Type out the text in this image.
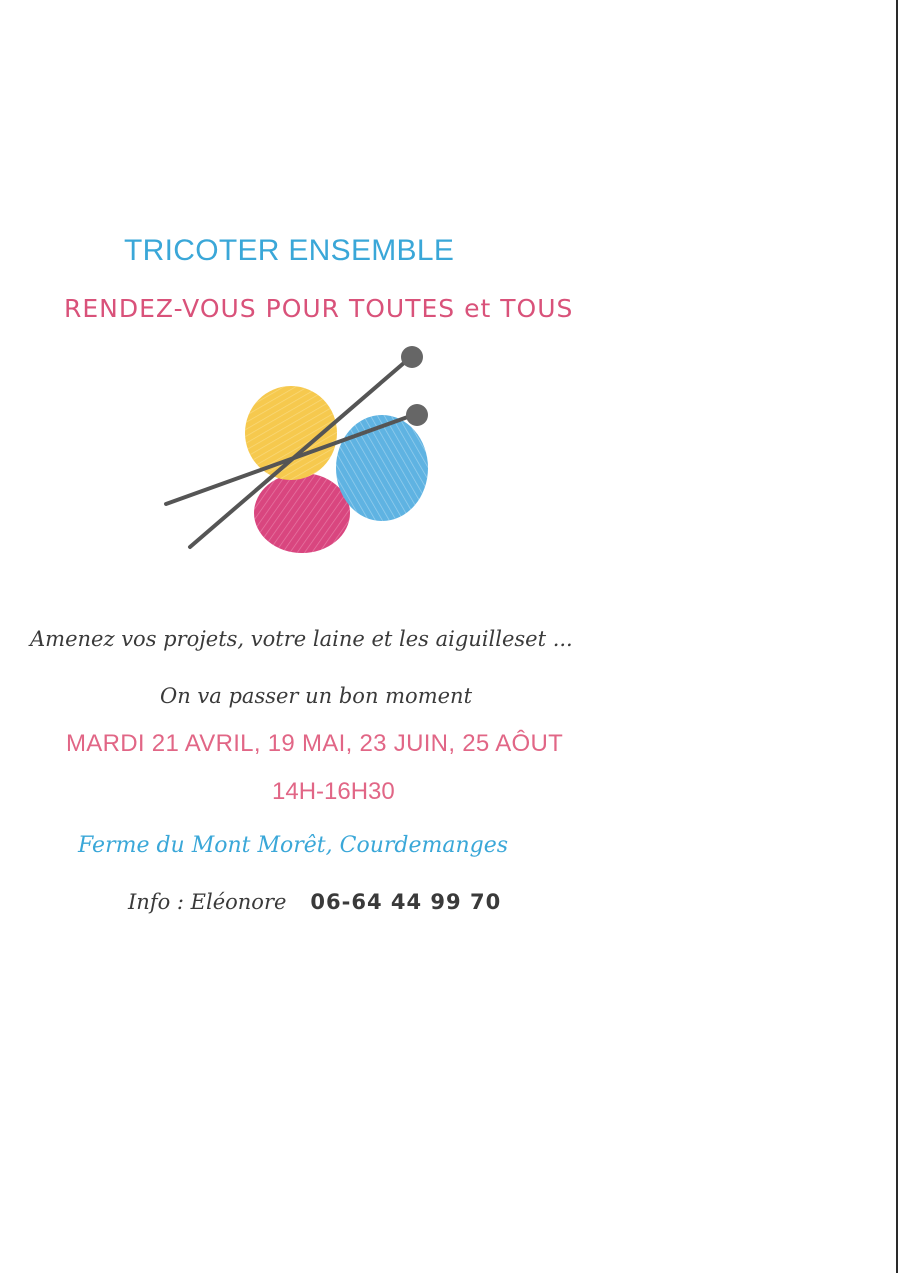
TRICOTER ENSEMBLE
RENDEZ-VOUS POUR TOUTES et TOUS
Amenez vos projets, votre laine et les aiguilleset ...
On va passer un bon moment
MARDI 21 AVRIL, 19 MAI, 23 JUIN, 25 AÔUT
14H-16H30
Ferme du Mont Morêt, Courdemanges
Info : Eléonore 06-64 44 99 70
